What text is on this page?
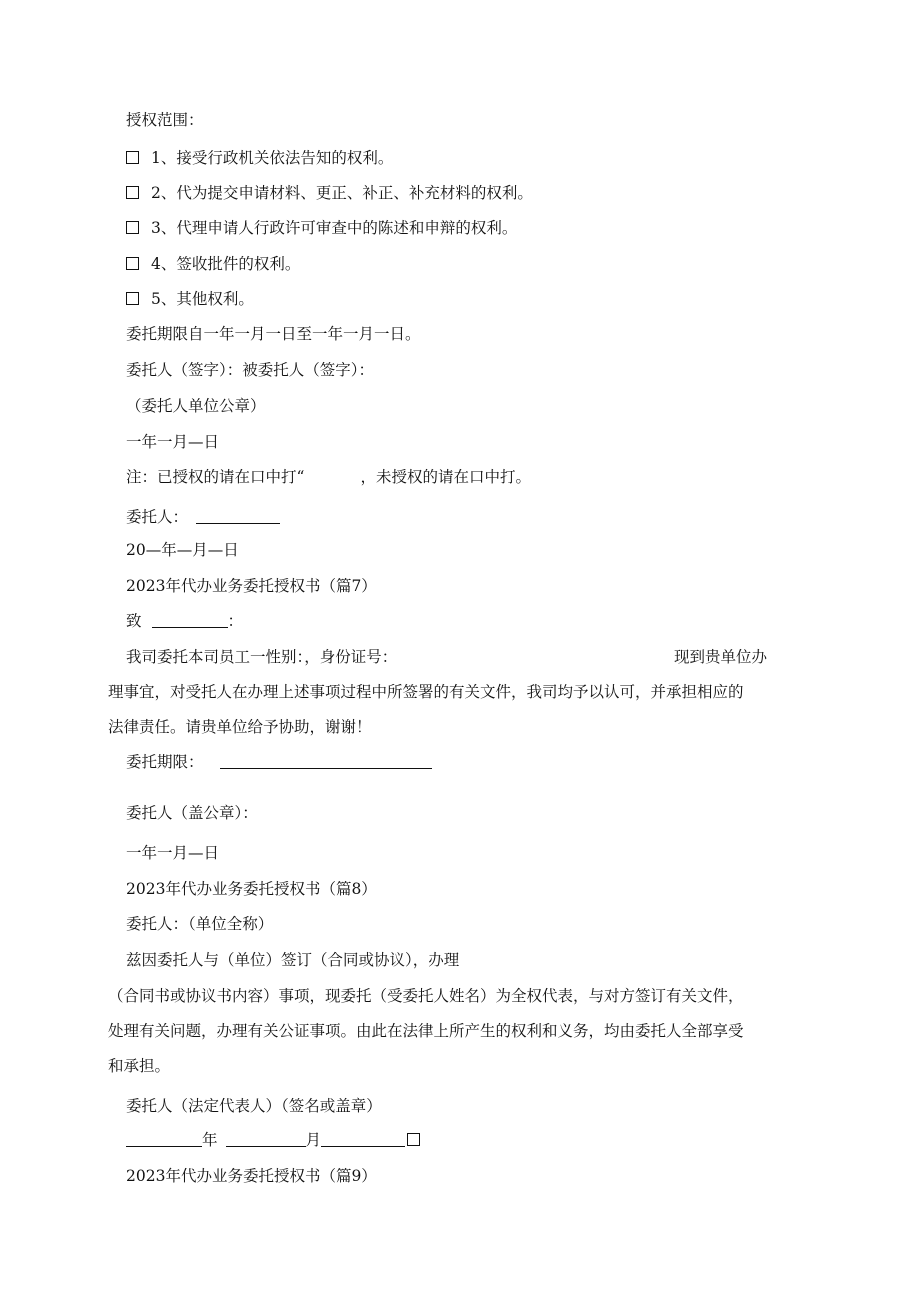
授权范围：
1、接受行政机关依法告知的权利。
2、代为提交申请材料、更正、补正、补充材料的权利。
3、代理申请人行政许可审查中的陈述和申辩的权利。
4、签收批件的权利。
5、其他权利。
委托期限自一年一月一日至一年一月一日。
委托人（签字）：被委托人（签字）：
（委托人单位公章）
一年一月—日
注：已授权的请在口中打“	，未授权的请在口中打。
委托人：
20—年—月—日
2023年代办业务委托授权书（篇7）
致	：
我司委托本司员工一性别：，身份证号：	现到贵单位办
理事宜，对受托人在办理上述事项过程中所签署的有关文件，我司均予以认可，并承担相应的
法律责任。请贵单位给予协助，谢谢！
委托期限：
委托人（盖公章）：
一年一月—日
2023年代办业务委托授权书（篇8）
委托人：（单位全称）
兹因委托人与（单位）签订（合同或协议），办理
（合同书或协议书内容）事项，现委托（受委托人姓名）为全权代表，与对方签订有关文件，
处理有关问题，办理有关公证事项。由此在法律上所产生的权利和义务，均由委托人全部享受
和承担。
委托人（法定代表人）（签名或盖章）
年	月
2023年代办业务委托授权书（篇9）
